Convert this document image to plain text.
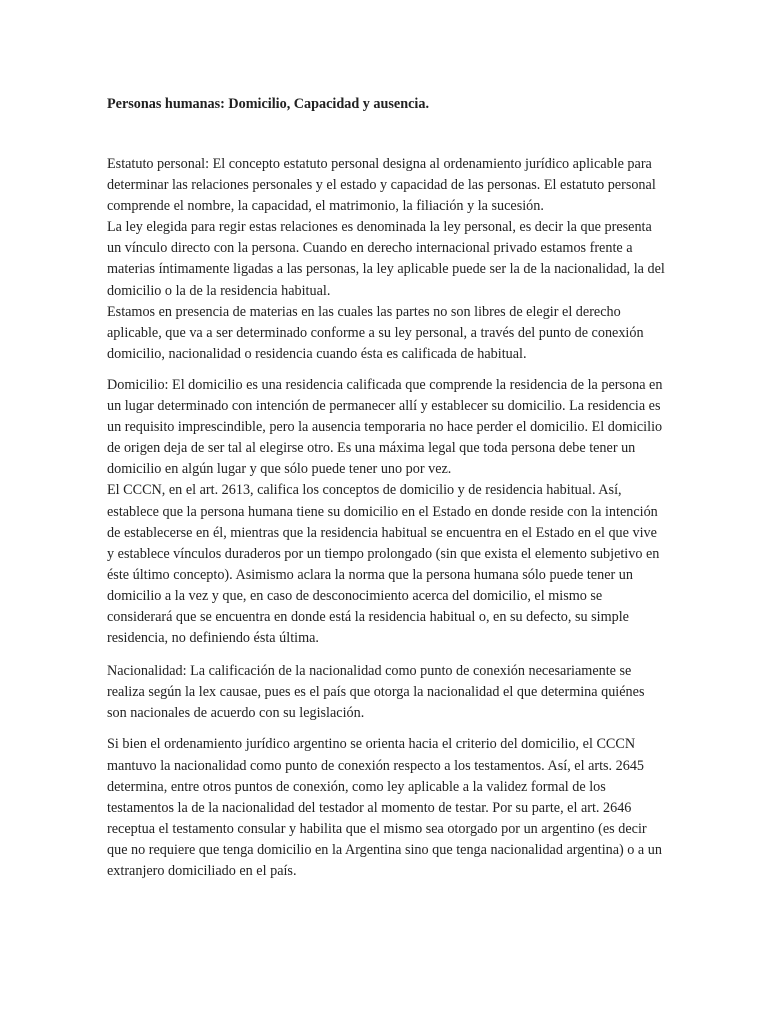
Personas humanas: Domicilio, Capacidad y ausencia.

Estatuto personal: El concepto estatuto personal designa al ordenamiento jurídico aplicable para determinar las relaciones personales y el estado y capacidad de las personas. El estatuto personal comprende el nombre, la capacidad, el matrimonio, la filiación y la sucesión.

La ley elegida para regir estas relaciones es denominada la ley personal, es decir la que presenta un vínculo directo con la persona. Cuando en derecho internacional privado estamos frente a materias íntimamente ligadas a las personas, la ley aplicable puede ser la de la nacionalidad, la del domicilio o la de la residencia habitual.

Estamos en presencia de materias en las cuales las partes no son libres de elegir el derecho aplicable, que va a ser determinado conforme a su ley personal, a través del punto de conexión domicilio, nacionalidad o residencia cuando ésta es calificada de habitual.

Domicilio: El domicilio es una residencia calificada que comprende la residencia de la persona en un lugar determinado con intención de permanecer allí y establecer su domicilio. La residencia es un requisito imprescindible, pero la ausencia temporaria no hace perder el domicilio. El domicilio de origen deja de ser tal al elegirse otro. Es una máxima legal que toda persona debe tener un domicilio en algún lugar y que sólo puede tener uno por vez.

El CCCN, en el art. 2613, califica los conceptos de domicilio y de residencia habitual. Así, establece que la persona humana tiene su domicilio en el Estado en donde reside con la intención de establecerse en él, mientras que la residencia habitual se encuentra en el Estado en el que vive y establece vínculos duraderos por un tiempo prolongado (sin que exista el elemento subjetivo en éste último concepto). Asimismo aclara la norma que la persona humana sólo puede tener un domicilio a la vez y que, en caso de desconocimiento acerca del domicilio, el mismo se considerará que se encuentra en donde está la residencia habitual o, en su defecto, su simple residencia, no definiendo ésta última.

Nacionalidad: La calificación de la nacionalidad como punto de conexión necesariamente se realiza según la lex causae, pues es el país que otorga la nacionalidad el que determina quiénes son nacionales de acuerdo con su legislación.

Si bien el ordenamiento jurídico argentino se orienta hacia el criterio del domicilio, el CCCN mantuvo la nacionalidad como punto de conexión respecto a los testamentos. Así, el arts. 2645 determina, entre otros puntos de conexión, como ley aplicable a la validez formal de los testamentos la de la nacionalidad del testador al momento de testar. Por su parte, el art. 2646 receptua el testamento consular y habilita que el mismo sea otorgado por un argentino (es decir que no requiere que tenga domicilio en la Argentina sino que tenga nacionalidad argentina) o a un extranjero domiciliado en el país.
